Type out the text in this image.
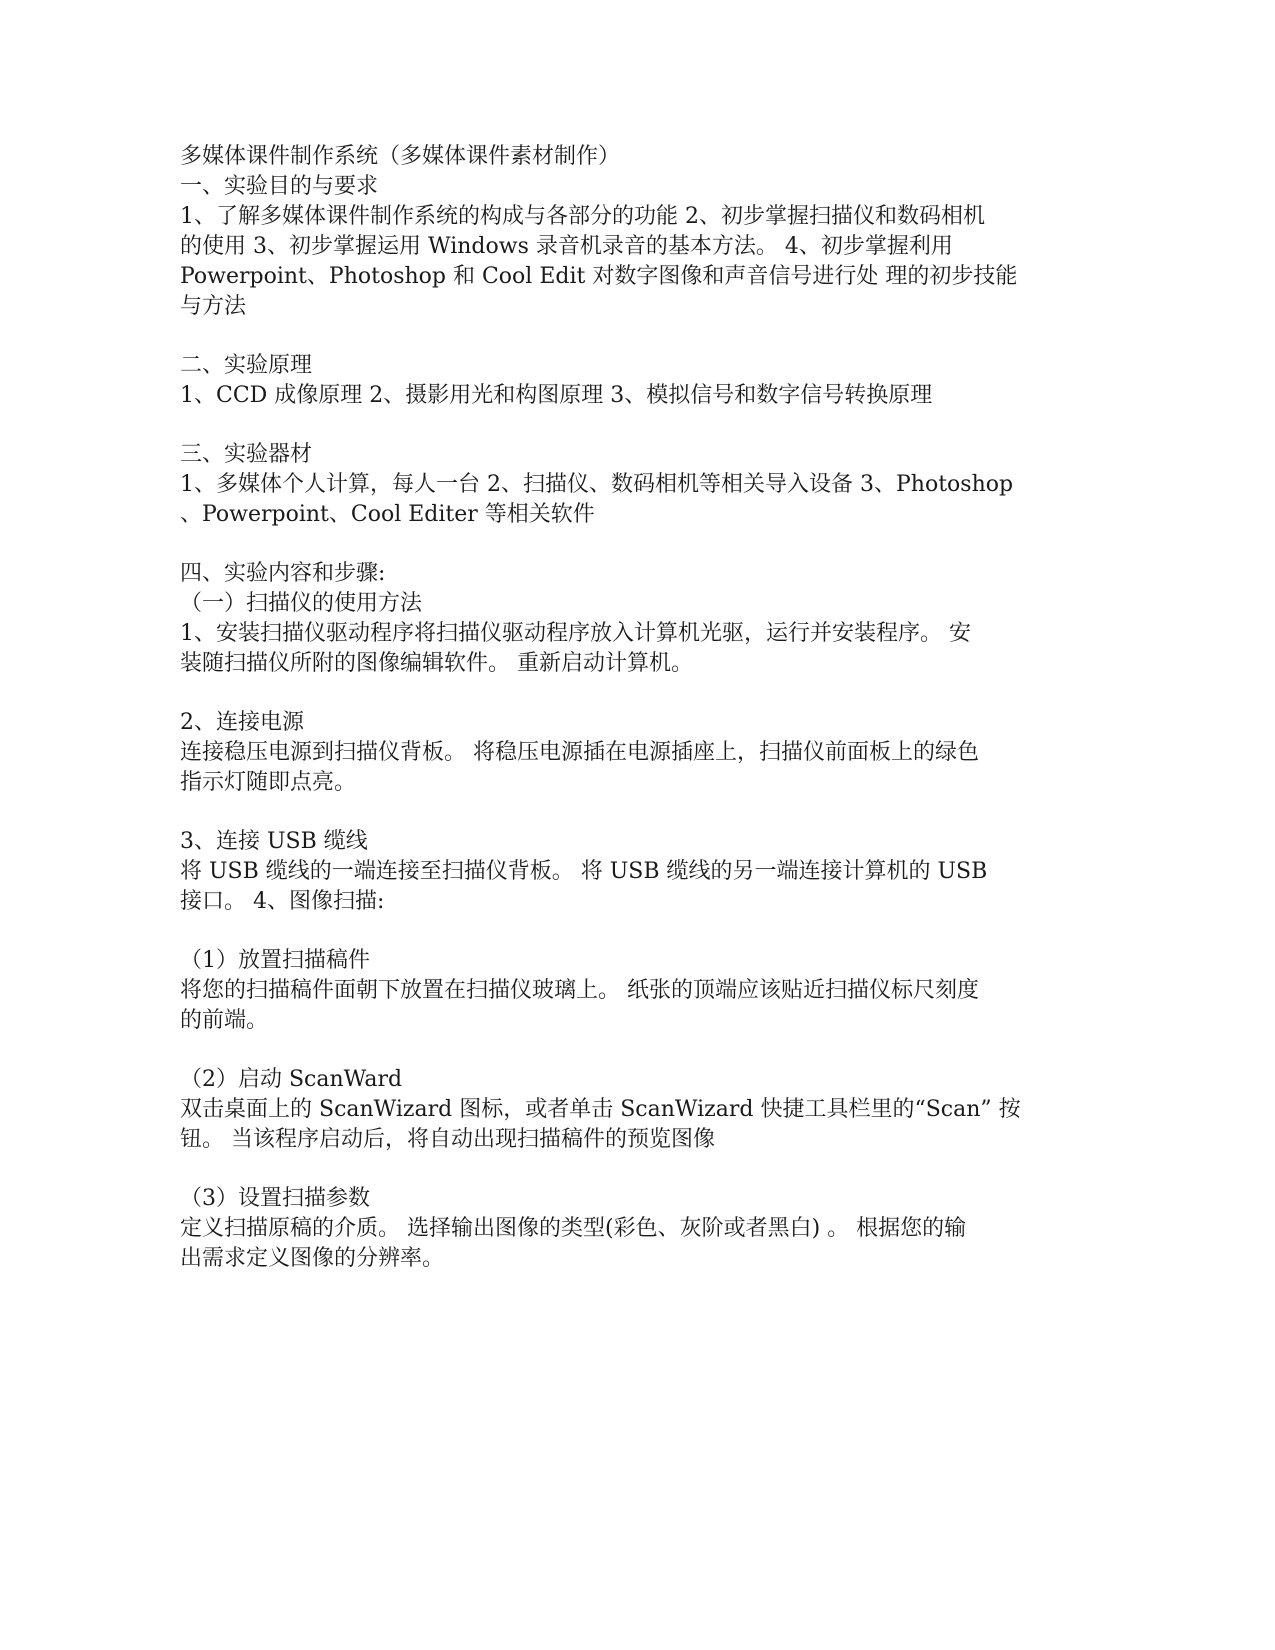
多媒体课件制作系统（多媒体课件素材制作）
一、实验目的与要求
1、了解多媒体课件制作系统的构成与各部分的功能 2、初步掌握扫描仪和数码相机
的使用 3、初步掌握运用 Windows 录音机录音的基本方法。 4、初步掌握利用
Powerpoint、Photoshop 和 Cool Edit 对数字图像和声音信号进行处 理的初步技能
与方法
二、实验原理
1、CCD 成像原理 2、摄影用光和构图原理 3、模拟信号和数字信号转换原理
三、实验器材
1、多媒体个人计算，每人一台 2、扫描仪、数码相机等相关导入设备 3、Photoshop
、Powerpoint、Cool Editer 等相关软件
四、实验内容和步骤:
（一）扫描仪的使用方法
1、安装扫描仪驱动程序将扫描仪驱动程序放入计算机光驱，运行并安装程序。 安
装随扫描仪所附的图像编辑软件。 重新启动计算机。
2、连接电源
连接稳压电源到扫描仪背板。 将稳压电源插在电源插座上，扫描仪前面板上的绿色
指示灯随即点亮。
3、连接 USB 缆线
将 USB 缆线的一端连接至扫描仪背板。 将 USB 缆线的另一端连接计算机的 USB
接口。 4、图像扫描:
（1）放置扫描稿件
将您的扫描稿件面朝下放置在扫描仪玻璃上。 纸张的顶端应该贴近扫描仪标尺刻度
的前端。
（2）启动 ScanWard
双击桌面上的 ScanWizard 图标，或者单击 ScanWizard 快捷工具栏里的“Scan” 按
钮。 当该程序启动后，将自动出现扫描稿件的预览图像
（3）设置扫描参数
定义扫描原稿的介质。 选择输出图像的类型(彩色、灰阶或者黑白) 。 根据您的输
出需求定义图像的分辨率。
